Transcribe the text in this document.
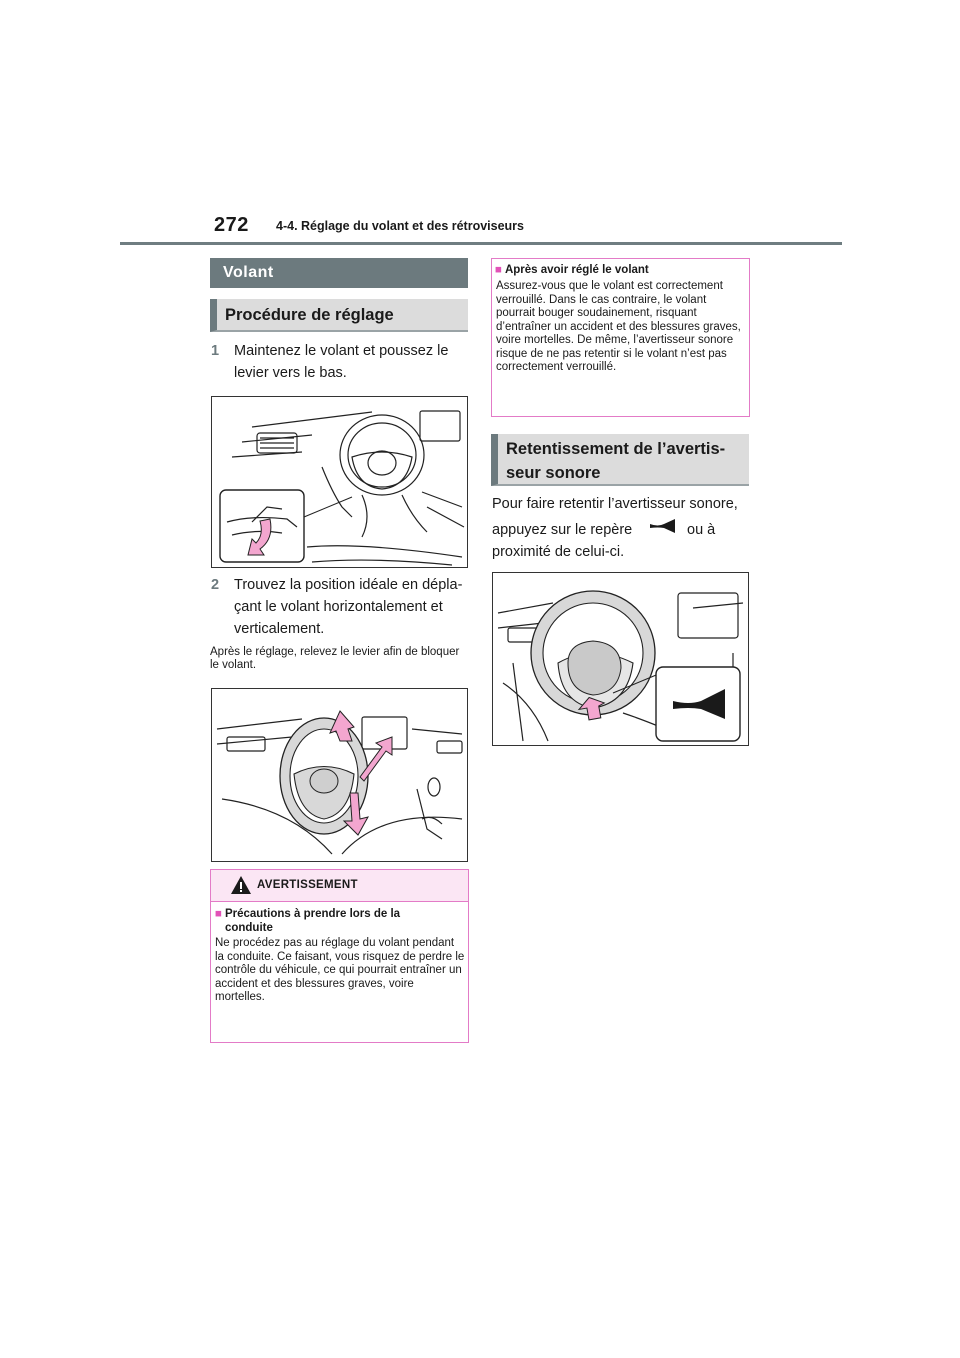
272 4-4. Réglage du volant et des rétroviseurs
Volant
Procédure de réglage
1 Maintenez le volant et poussez le levier vers le bas.
2 Trouvez la position idéale en déplaçant le volant horizontalement et verticalement.
Après le réglage, relevez le levier afin de bloquer le volant.
AVERTISSEMENT
■ Précautions à prendre lors de la conduite
Ne procédez pas au réglage du volant pendant la conduite. Ce faisant, vous risquez de perdre le contrôle du véhicule, ce qui pourrait entraîner un accident et des blessures graves, voire mortelles.
■ Après avoir réglé le volant
Assurez-vous que le volant est correctement verrouillé. Dans le cas contraire, le volant pourrait bouger soudainement, risquant d’entraîner un accident et des blessures graves, voire mortelles. De même, l’avertisseur sonore risque de ne pas retentir si le volant n’est pas correctement verrouillé.
Retentissement de l’avertisseur sonore
Pour faire retentir l’avertisseur sonore,
appuyez sur le repère	ou à
proximité de celui-ci.
